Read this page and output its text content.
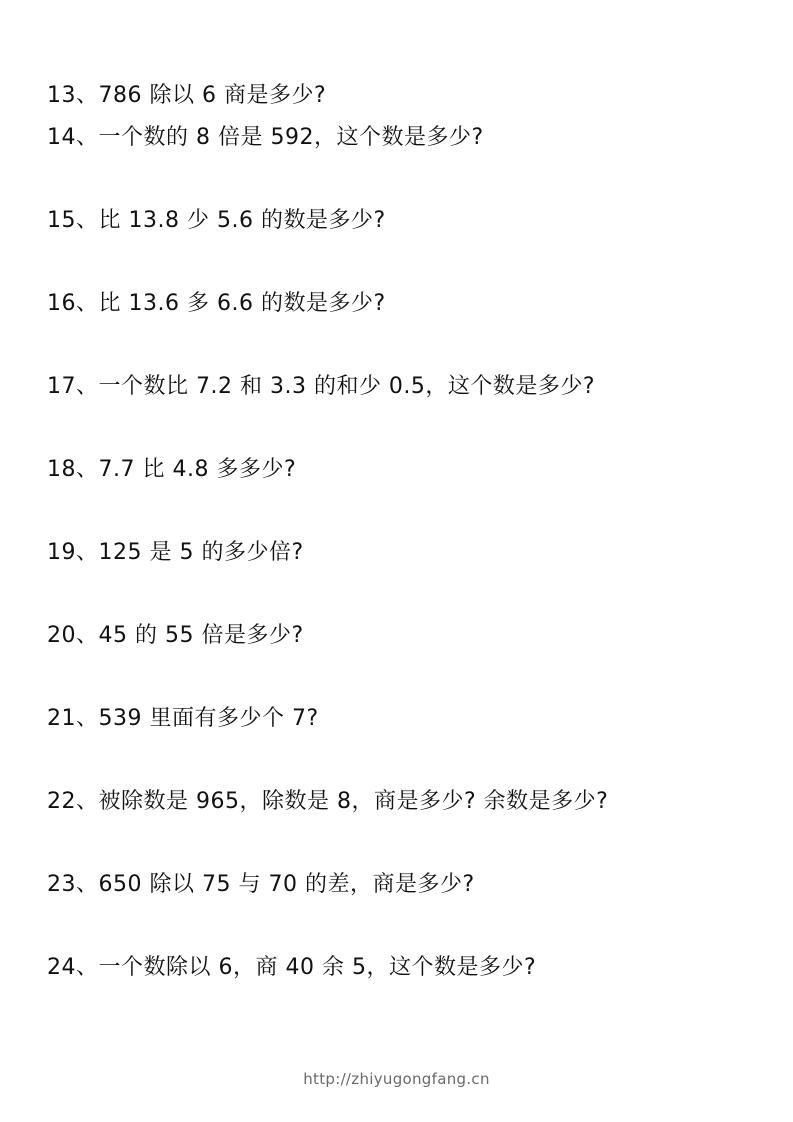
13、786 除以 6 商是多少?

14、一个数的 8 倍是 592，这个数是多少?

15、比 13.8 少 5.6 的数是多少?

16、比 13.6 多 6.6 的数是多少?

17、一个数比 7.2 和 3.3 的和少 0.5，这个数是多少?

18、7.7 比 4.8 多多少?

19、125 是 5 的多少倍?

20、45 的 55 倍是多少?

21、539 里面有多少个 7?

22、被除数是 965，除数是 8，商是多少? 余数是多少?

23、650 除以 75 与 70 的差，商是多少?

24、一个数除以 6，商 40 余 5，这个数是多少?

http://zhiyugongfang.cn
